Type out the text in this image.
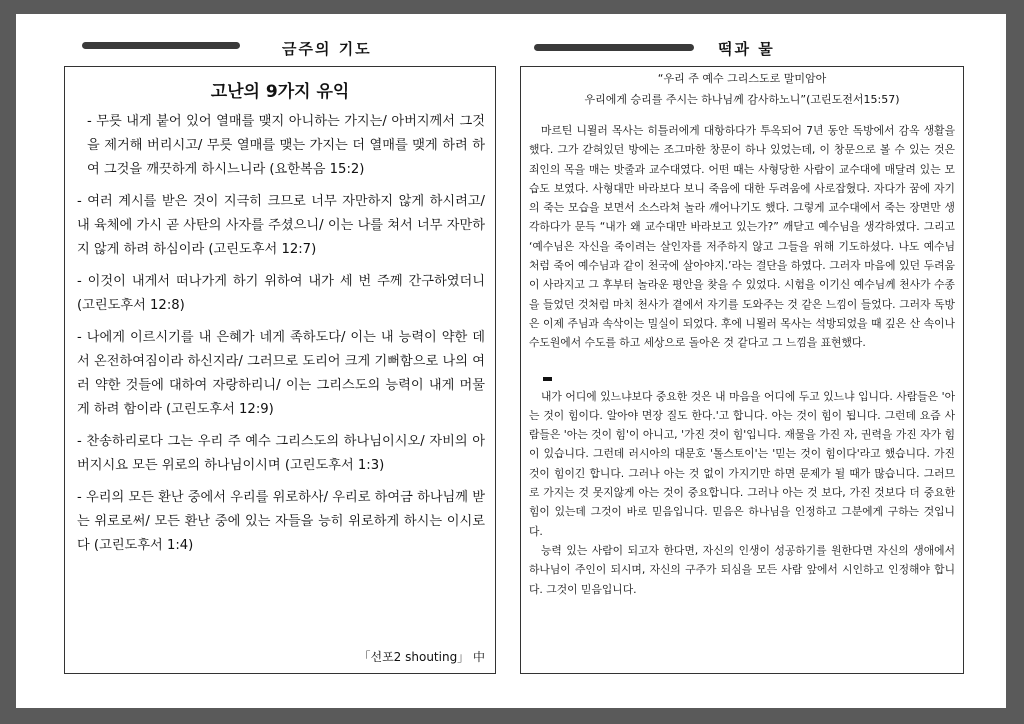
금주의 기도	떡과 물
고난의 9가지 유익

- 무릇 내게 붙어 있어 열매를 맺지 아니하는 가지는/ 아버지께서 그것을 제거해 버리시고/ 무릇 열매를 맺는 가지는 더 열매를 맺게 하려 하여 그것을 깨끗하게 하시느니라 (요한복음 15:2)

- 여러 계시를 받은 것이 지극히 크므로 너무 자만하지 않게 하시려고/ 내 육체에 가시 곧 사탄의 사자를 주셨으니/ 이는 나를 쳐서 너무 자만하지 않게 하려 하심이라 (고린도후서 12:7)

- 이것이 내게서 떠나가게 하기 위하여 내가 세 번 주께 간구하였더니 (고린도후서 12:8)

- 나에게 이르시기를 내 은혜가 네게 족하도다/ 이는 내 능력이 약한 데서 온전하여짐이라 하신지라/ 그러므로 도리어 크게 기뻐함으로 나의 여러 약한 것들에 대하여 자랑하리니/ 이는 그리스도의 능력이 내게 머물게 하려 함이라 (고린도후서 12:9)

- 찬송하리로다 그는 우리 주 예수 그리스도의 하나님이시오/ 자비의 아버지시요 모든 위로의 하나님이시며 (고린도후서 1:3)

- 우리의 모든 환난 중에서 우리를 위로하사/ 우리로 하여금 하나님께 받는 위로로써/ 모든 환난 중에 있는 자들을 능히 위로하게 하시는 이시로다 (고린도후서 1:4)

「선포2 shouting」 中
“우리 주 예수 그리스도로 말미암아
우리에게 승리를 주시는 하나님께 감사하노니”(고린도전서15:57)

마르틴 니묄러 목사는 히틀러에게 대항하다가 투옥되어 7년 동안 독방에서 감옥 생활을 했다. 그가 갇혀있던 방에는 조그마한 창문이 하나 있었는데, 이 창문으로 볼 수 있는 것은 죄인의 목을 매는 밧줄과 교수대였다. 어떤 때는 사형당한 사람이 교수대에 매달려 있는 모습도 보였다. 사형대만 바라보다 보니 죽음에 대한 두려움에 사로잡혔다. 자다가 꿈에 자기의 죽는 모습을 보면서 소스라쳐 놀라 깨어나기도 했다. 그렇게 교수대에서 죽는 장면만 생각하다가 문득 “내가 왜 교수대만 바라보고 있는가?” 깨닫고 예수님을 생각하였다. 그리고 ‘예수님은 자신을 죽이려는 살인자를 저주하지 않고 그들을 위해 기도하셨다. 나도 예수님처럼 죽어 예수님과 같이 천국에 살아야지.’라는 결단을 하였다. 그러자 마음에 있던 두려움이 사라지고 그 후부터 놀라운 평안을 찾을 수 있었다. 시험을 이기신 예수님께 천사가 수종을 들었던 것처럼 마치 천사가 곁에서 자기를 도와주는 것 같은 느낌이 들었다. 그러자 독방은 이제 주님과 속삭이는 밀실이 되었다. 후에 니묄러 목사는 석방되었을 때 깊은 산 속이나 수도원에서 수도를 하고 세상으로 돌아온 것 같다고 그 느낌을 표현했다.

내가 어디에 있느냐보다 중요한 것은 내 마음을 어디에 두고 있느냐 입니다. 사람들은 '아는 것이 힘이다. 알아야 면장 질도 한다.'고 합니다. 아는 것이 힘이 됩니다. 그런데 요즘 사람들은 '아는 것이 힘'이 아니고, '가진 것이 힘'입니다. 재물을 가진 자, 권력을 가진 자가 힘이 있습니다. 그런데 러시아의 대문호 '톨스토이'는 '믿는 것이 힘이다'라고 했습니다. 가진 것이 힘이긴 합니다. 그러나 아는 것 없이 가지기만 하면 문제가 될 때가 많습니다. 그러므로 가지는 것 못지않게 아는 것이 중요합니다. 그러나 아는 것 보다, 가진 것보다 더 중요한 힘이 있는데 그것이 바로 믿음입니다. 믿음은 하나님을 인정하고 그분에게 구하는 것입니다.

능력 있는 사람이 되고자 한다면, 자신의 인생이 성공하기를 원한다면 자신의 생애에서 하나님이 주인이 되시며, 자신의 구주가 되심을 모든 사람 앞에서 시인하고 인정해야 합니다. 그것이 믿음입니다.
